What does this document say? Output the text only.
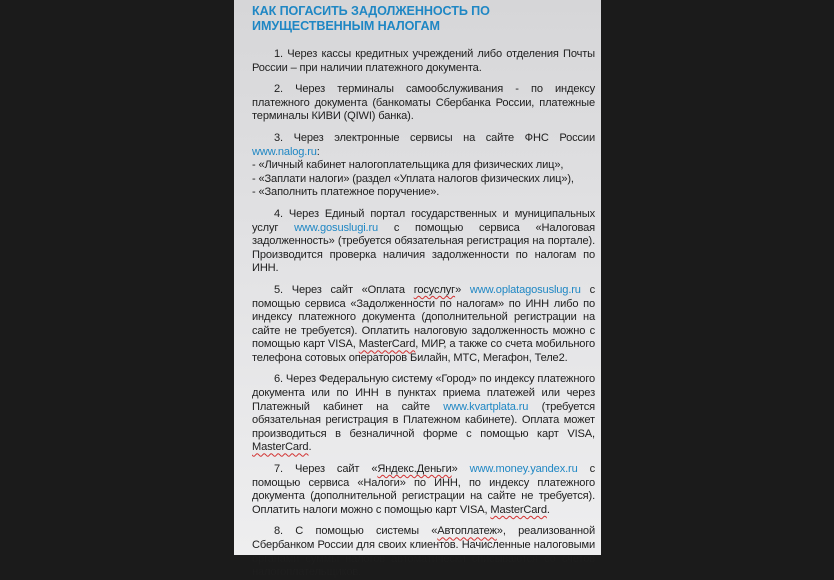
КАК ПОГАСИТЬ ЗАДОЛЖЕННОСТЬ ПО ИМУЩЕСТВЕННЫМ НАЛОГАМ

1. Через кассы кредитных учреждений либо отделения Почты России – при наличии платежного документа.

2. Через терминалы самообслуживания - по индексу платежного документа (банкоматы Сбербанка России, платежные терминалы КИВИ (QIWI) банка).

3. Через электронные сервисы на сайте ФНС России www.nalog.ru:
- «Личный кабинет налогоплательщика для физических лиц»,
- «Заплати налоги» (раздел «Уплата налогов физических лиц»),
- «Заполнить платежное поручение».

4. Через Единый портал государственных и муниципальных услуг www.gosuslugi.ru с помощью сервиса «Налоговая задолженность» (требуется обязательная регистрация на портале). Производится проверка наличия задолженности по налогам по ИНН.

5. Через сайт «Оплата госуслуг» www.oplatagosuslug.ru с помощью сервиса «Задолженности по налогам» по ИНН либо по индексу платежного документа (дополнительной регистрации на сайте не требуется). Оплатить налоговую задолженность можно с помощью карт VISA, MasterCard, МИР, а также со счета мобильного телефона сотовых операторов Билайн, МТС, Мегафон, Теле2.

6. Через Федеральную систему «Город» по индексу платежного документа или по ИНН в пунктах приема платежей или через Платежный кабинет на сайте www.kvartplata.ru (требуется обязательная регистрация в Платежном кабинете). Оплата может производиться в безналичной форме с помощью карт VISA, MasterCard.

7. Через сайт «Яндекс.Деньги» www.money.yandex.ru с помощью сервиса «Налоги» по ИНН, по индексу платежного документа (дополнительной регистрации на сайте не требуется). Оплатить налоги можно с помощью карт VISA, MasterCard.

8. С помощью системы «Автоплатеж», реализованной Сбербанком России для своих клиентов. Начисленные налоговыми органами суммы налогов автоматически списываются со счетов налогоплательщиков.
